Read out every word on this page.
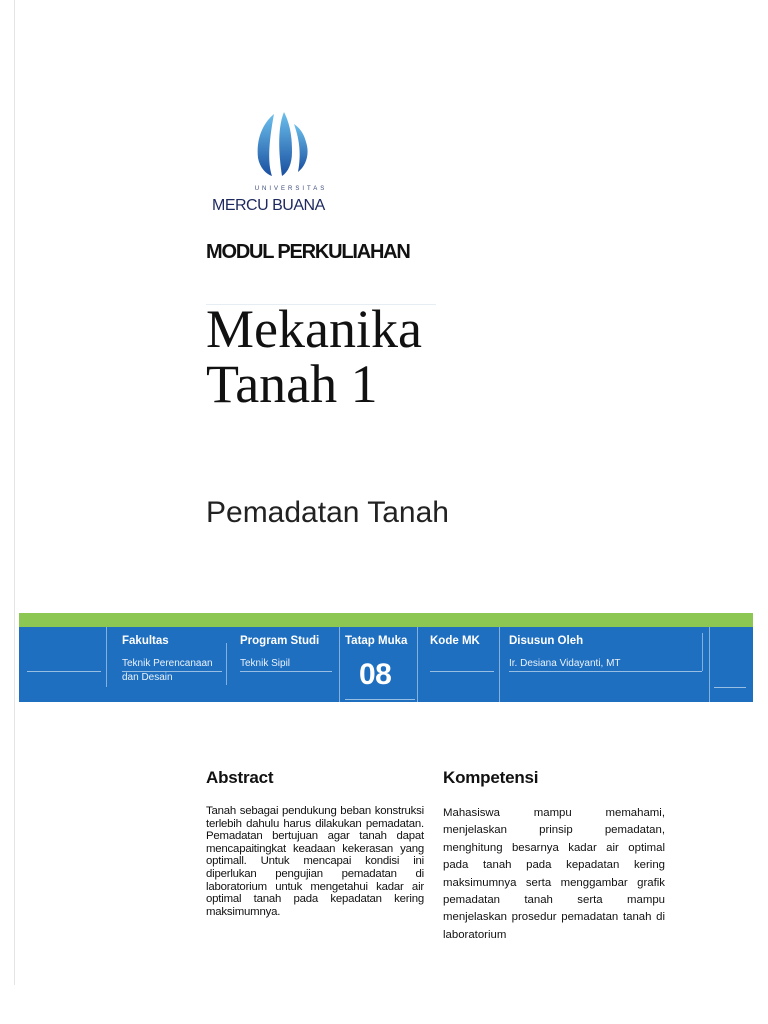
UNIVERSITAS
MERCU BUANA
MODUL PERKULIAHAN
Mekanika
Tanah 1
Pemadatan Tanah
Fakultas
Teknik Perencanaan
dan Desain
Program Studi
Teknik Sipil
Tatap Muka
08
Kode MK	Disusun Oleh
Ir. Desiana Vidayanti, MT
Abstract

Tanah sebagai pendukung beban konstruksi terlebih dahulu harus dilakukan pemadatan. Pemadatan bertujuan agar tanah dapat mencapaitingkat keadaan kekerasan yang optimall. Untuk mencapai kondisi ini diperlukan pengujian pemadatan di laboratorium untuk mengetahui kadar air optimal tanah pada kepadatan kering maksimumnya.

Kompetensi

Mahasiswa mampu memahami, menjelaskan prinsip pemadatan, menghitung besarnya kadar air optimal pada tanah pada kepadatan kering maksimumnya serta menggambar grafik pemadatan tanah serta mampu menjelaskan prosedur pemadatan tanah di laboratorium
